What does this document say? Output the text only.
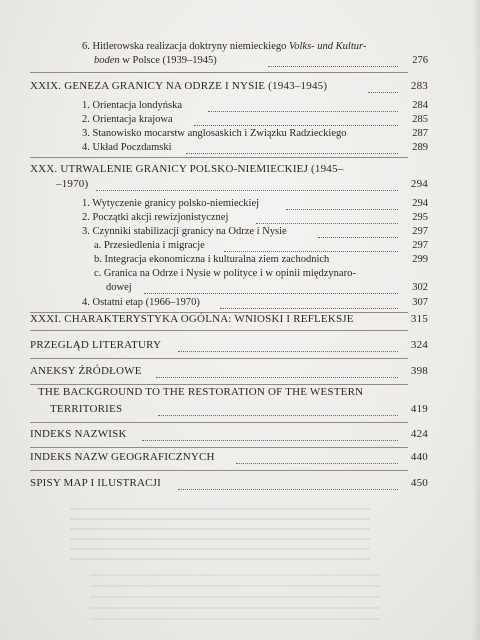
6. Hitlerowska realizacja doktryny niemieckiego Volks- und Kultur-
boden w Polsce (1939–1945)	276
XXIX. GENEZA GRANICY NA ODRZE I NYSIE (1943–1945)	283
1. Orientacja londyńska	284
2. Orientacja krajowa	285
3. Stanowisko mocarstw anglosaskich i Związku Radzieckiego	287
4. Układ Poczdamski	289
XXX. UTRWALENIE GRANICY POLSKO-NIEMIECKIEJ (1945–
–1970)	294
1. Wytyczenie granicy polsko-niemieckiej	294
2. Początki akcji rewizjonistycznej	295
3. Czynniki stabilizacji granicy na Odrze i Nysie	297
a. Przesiedlenia i migracje	297
b. Integracja ekonomiczna i kulturalna ziem zachodnich	299
c. Granica na Odrze i Nysie w polityce i w opinii międzynaro-
dowej	302
4. Ostatni etap (1966–1970)	307
XXXI. CHARAKTERYSTYKA OGÓLNA: WNIOSKI I REFLEKSJE	315
PRZEGLĄD LITERATURY	324
ANEKSY ŹRÓDŁOWE	398
THE BACKGROUND TO THE RESTORATION OF THE WESTERN
TERRITORIES	419
INDEKS NAZWISK	424
INDEKS NAZW GEOGRAFICZNYCH	440
SPISY MAP I ILUSTRACJI	450
